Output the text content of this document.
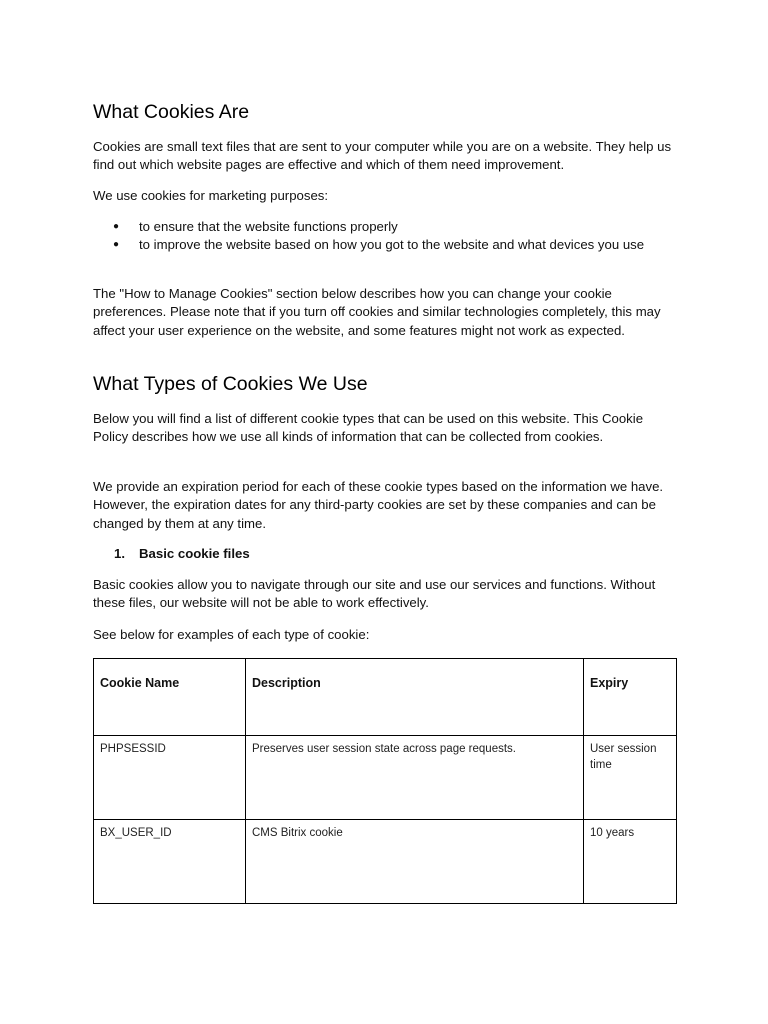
What Cookies Are

Cookies are small text files that are sent to your computer while you are on a website. They help us find out which website pages are effective and which of them need improvement.

We use cookies for marketing purposes:

● to ensure that the website functions properly
● to improve the website based on how you got to the website and what devices you use

The "How to Manage Cookies" section below describes how you can change your cookie preferences. Please note that if you turn off cookies and similar technologies completely, this may affect your user experience on the website, and some features might not work as expected.

What Types of Cookies We Use

Below you will find a list of different cookie types that can be used on this website. This Cookie Policy describes how we use all kinds of information that can be collected from cookies.

We provide an expiration period for each of these cookie types based on the information we have. However, the expiration dates for any third-party cookies are set by these companies and can be changed by them at any time.

1. Basic cookie files

Basic cookies allow you to navigate through our site and use our services and functions. Without these files, our website will not be able to work effectively.

See below for examples of each type of cookie:

Cookie Name	Description	Expiry
PHPSESSID	Preserves user session state across page requests.	User session time
BX_USER_ID	CMS Bitrix cookie	10 years
